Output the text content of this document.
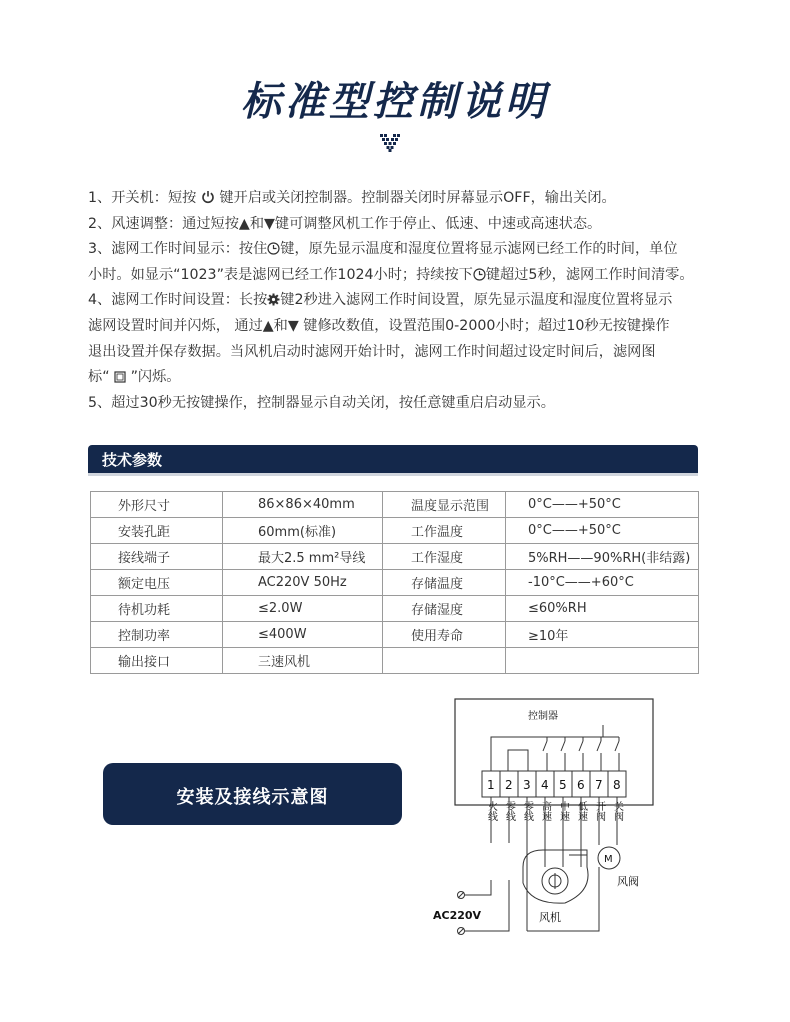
标准型控制说明

1、开关机：短按  键开启或关闭控制器。控制器关闭时屏幕显示OFF，输出关闭。

2、风速调整：通过短按▲和▼键可调整风机工作于停止、低速、中速或高速状态。

3、滤网工作时间显示：按住 键，原先显示温度和湿度位置将显示滤网已经工作的时间，单位
小时。如显示“1023”表是滤网已经工作1024小时；持续按下 键超过5秒，滤网工作时间清零。

4、滤网工作时间设置：长按 键2秒进入滤网工作时间设置，原先显示温度和湿度位置将显示
滤网设置时间并闪烁， 通过▲和▼ 键修改数值，设置范围0-2000小时；超过10秒无按键操作
退出设置并保存数据。当风机启动时滤网开始计时，滤网工作时间超过设定时间后，滤网图
标“  ”闪烁。

5、超过30秒无按键操作，控制器显示自动关闭，按任意键重启启动显示。

技术参数
外形尺寸	86×86×40mm	温度显示范围	0°C——+50°C
安装孔距	60mm(标准)	工作温度	0°C——+50°C
接线端子	最大2.5 mm²导线	工作湿度	5%RH——90%RH(非结露)
额定电压	AC220V 50Hz	存储温度	-10°C——+60°C
待机功耗	≤2.0W	存储湿度	≤60%RH
控制功率	≤400W	使用寿命	≥10年
输出接口	三速风机		
安装及接线示意图
控制器
1 2 3 4 5 6 7 8
火线 零线 零线 高速 中速 低速 开阀 关阀
AC220V	风机
M
风阀
